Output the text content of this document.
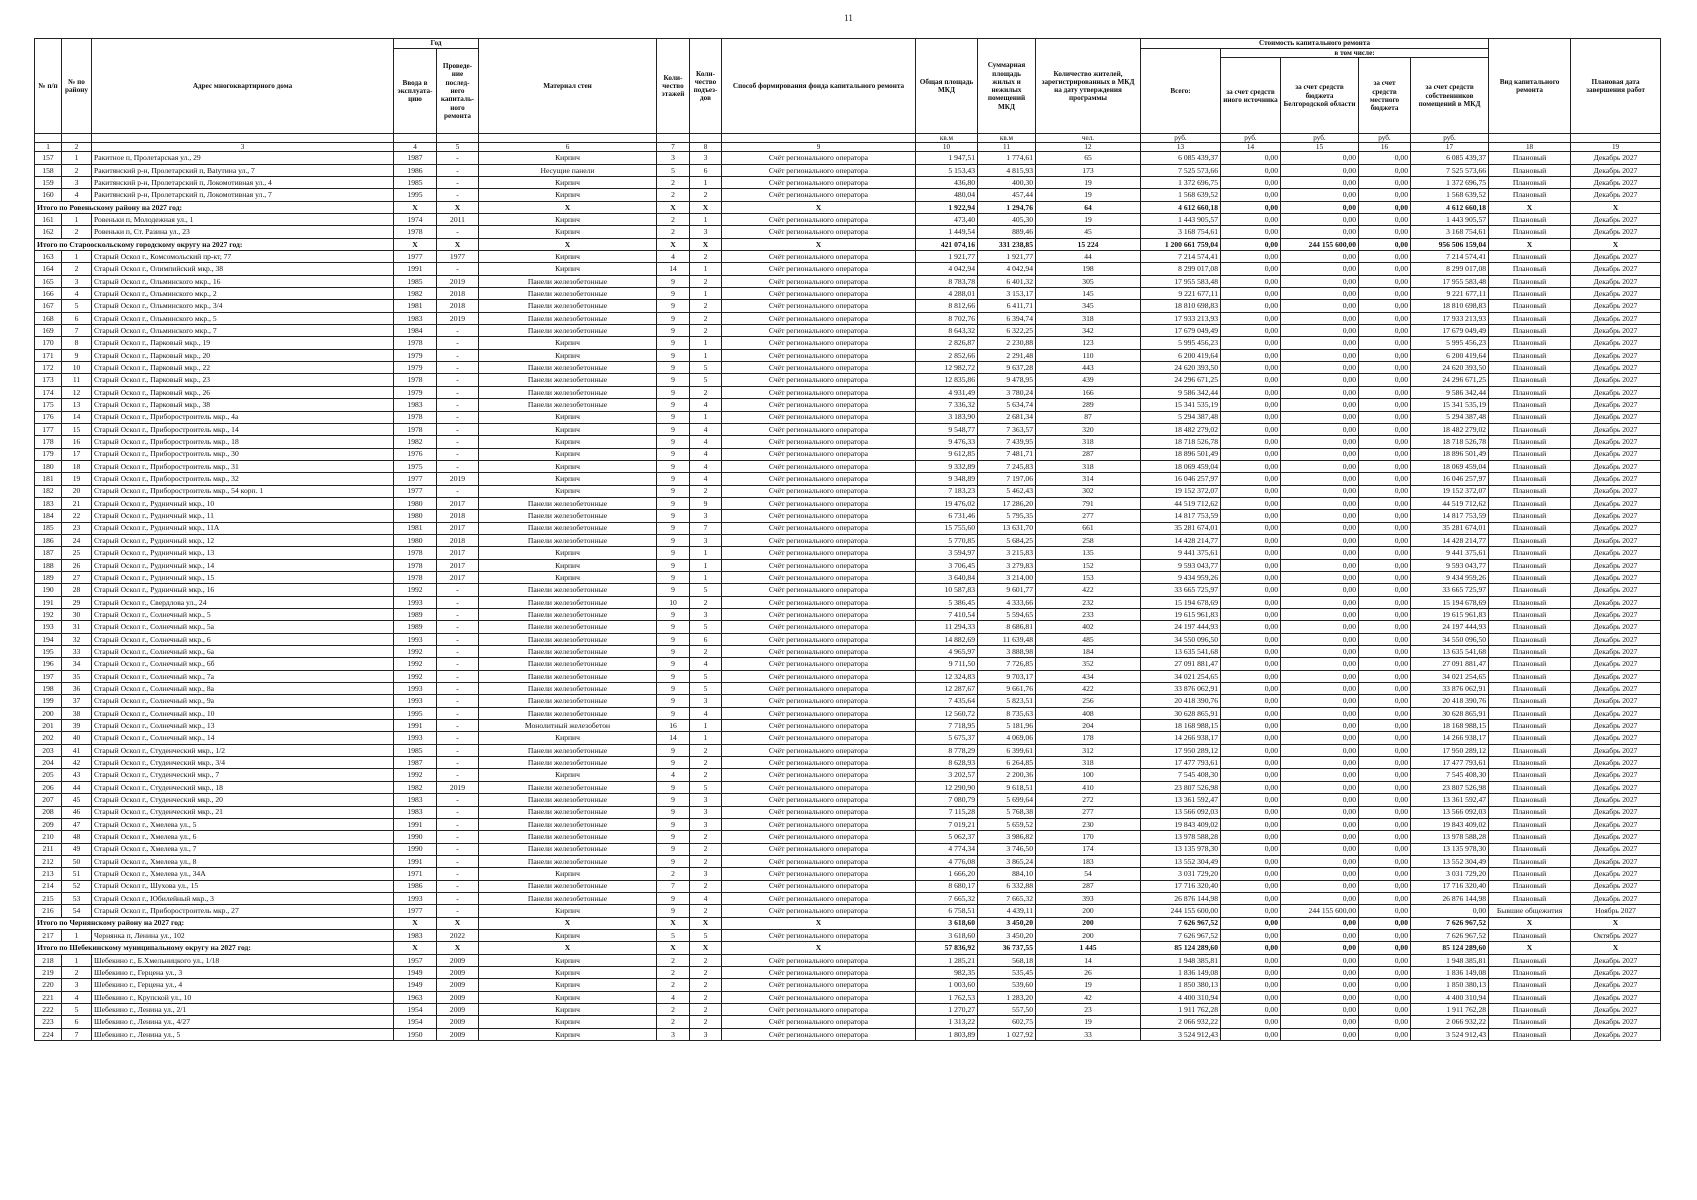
11
№ п/п	№ по району	Адрес многоквартирного дома	Год		Материал стен	Коли-чество этажей	Коли-чество подъез-дов	Способ формирования фонда капитального ремонта	Общая площадь МКД	Суммарная площадь жилых и нежилых помещений МКД	Количество жителей, зарегистрированных в МКД на дату утверждения программы	Стоимость капитального ремонта					Вид капитального ремонта	Плановая дата завершения работ
			Ввода в эксплуата-цию	Проведе-ние послед-него капиталь-ного ремонта								Всего:	в том числе:					
													за счет средств иного источника	за счет средств бюджета Белгородской области	за счет средств местного бюджета	за счет средств собственников помещений в МКД		
									кв.м	кв.м	чел.	руб.	руб.	руб.	руб.	руб.		
1	2	3	4	5	6	7	8	9	10	11	12	13	14	15	16	17	18	19
157	1	Ракитное п, Пролетарская ул., 29	1987	-	Кирпич	3	3	Счёт регионального оператора	1 947,51	1 774,61	65	6 085 439,37	0,00	0,00	0,00	6 085 439,37	Плановый	Декабрь 2027
158	2	Ракитянский р-н, Пролетарский п, Вatутина ул., 7	1986	-	Несущие панели	5	6	Счёт регионального оператора	5 153,43	4 815,93	173	7 525 573,66	0,00	0,00	0,00	7 525 573,66	Плановый	Декабрь 2027
159	3	Ракитянский р-н, Пролетарский п, Локомотивная ул., 4	1985	-	Кирпич	2	1	Счёт регионального оператора	436,80	400,30	19	1 372 696,75	0,00	0,00	0,00	1 372 696,75	Плановый	Декабрь 2027
160	4	Ракитянский р-н, Пролетарский п, Локомотивная ул., 7	1995	-	Кирпич	2	2	Счёт регионального оператора	480,04	457,44	19	1 568 639,52	0,00	0,00	0,00	1 568 639,52	Плановый	Декабрь 2027
Итого по Ровеньскому району на 2027 год:			X	X	X	X	X	X	1 922,94	1 294,76	64	4 612 660,18	0,00	0,00	0,00	4 612 660,18	X	X
161	1	Ровеньки п, Молодежная ул., 1	1974	2011	Кирпич	2	1	Счёт регионального оператора	473,40	405,30	19	1 443 905,57	0,00	0,00	0,00	1 443 905,57	Плановый	Декабрь 2027
162	2	Ровеньки п, Ст. Разина ул., 23	1978	-	Кирпич	2	3	Счёт регионального оператора	1 449,54	889,46	45	3 168 754,61	0,00	0,00	0,00	3 168 754,61	Плановый	Декабрь 2027
Итого по Старооскольскому городскому округу на 2027 год:			X	X	X	X	X	X	421 074,16	331 238,85	15 224	1 200 661 759,04	0,00	244 155 600,00	0,00	956 506 159,04	X	X
163	1	Старый Оскол г., Комсомольский пр-кт, 77	1977	1977	Кирпич	4	2	Счёт регионального оператора	1 921,77	1 921,77	44	7 214 574,41	0,00	0,00	0,00	7 214 574,41	Плановый	Декабрь 2027
164	2	Старый Оскол г., Олимпийский мкр., 38	1991	-	Кирпич	14	1	Счёт регионального оператора	4 042,94	4 042,94	198	8 299 017,08	0,00	0,00	0,00	8 299 017,08	Плановый	Декабрь 2027
165	3	Старый Оскол г., Ольминского мкр., 16	1985	2019	Панели железобетонные	9	2	Счёт регионального оператора	8 783,78	6 401,32	305	17 955 583,48	0,00	0,00	0,00	17 955 583,48	Плановый	Декабрь 2027
166	4	Старый Оскол г., Ольминского мкр., 2	1982	2018	Панели железобетонные	9	1	Счёт регионального оператора	4 288,01	3 153,17	145	9 221 677,11	0,00	0,00	0,00	9 221 677,11	Плановый	Декабрь 2027
167	5	Старый Оскол г., Ольминского мкр., 3/4	1981	2018	Панели железобетонные	9	2	Счёт регионального оператора	8 812,66	6 411,71	345	18 810 698,83	0,00	0,00	0,00	18 810 698,83	Плановый	Декабрь 2027
168	6	Старый Оскол г., Ольминского мкр., 5	1983	2019	Панели железобетонные	9	2	Счёт регионального оператора	8 702,76	6 394,74	318	17 933 213,93	0,00	0,00	0,00	17 933 213,93	Плановый	Декабрь 2027
169	7	Старый Оскол г., Ольминского мкр., 7	1984	-	Панели железобетонные	9	2	Счёт регионального оператора	8 643,32	6 322,25	342	17 679 049,49	0,00	0,00	0,00	17 679 049,49	Плановый	Декабрь 2027
170	8	Старый Оскол г., Парковый мкр., 19	1978	-	Кирпич	9	1	Счёт регионального оператора	2 826,87	2 230,88	123	5 995 456,23	0,00	0,00	0,00	5 995 456,23	Плановый	Декабрь 2027
171	9	Старый Оскол г., Парковый мкр., 20	1979	-	Кирпич	9	1	Счёт регионального оператора	2 852,66	2 291,48	110	6 200 419,64	0,00	0,00	0,00	6 200 419,64	Плановый	Декабрь 2027
172	10	Старый Оскол г., Парковый мкр., 22	1979	-	Панели железобетонные	9	5	Счёт регионального оператора	12 982,72	9 637,28	443	24 620 393,50	0,00	0,00	0,00	24 620 393,50	Плановый	Декабрь 2027
173	11	Старый Оскол г., Парковый мкр., 23	1978	-	Панели железобетонные	9	5	Счёт регионального оператора	12 835,86	9 478,95	439	24 296 671,25	0,00	0,00	0,00	24 296 671,25	Плановый	Декабрь 2027
174	12	Старый Оскол г., Парковый мкр., 26	1979	-	Панели железобетонные	9	2	Счёт регионального оператора	4 931,49	3 780,24	166	9 586 342,44	0,00	0,00	0,00	9 586 342,44	Плановый	Декабрь 2027
175	13	Старый Оскол г., Парковый мкр., 38	1983	-	Панели железобетонные	9	4	Счёт регионального оператора	7 336,32	5 634,74	289	15 341 535,19	0,00	0,00	0,00	15 341 535,19	Плановый	Декабрь 2027
176	14	Старый Оскол г., Приборостроитель мкр., 4а	1978	-	Кирпич	9	1	Счёт регионального оператора	3 183,90	2 681,34	87	5 294 387,48	0,00	0,00	0,00	5 294 387,48	Плановый	Декабрь 2027
177	15	Старый Оскол г., Приборостроитель мкр., 14	1978	-	Кирпич	9	4	Счёт регионального оператора	9 548,77	7 363,57	320	18 482 279,02	0,00	0,00	0,00	18 482 279,02	Плановый	Декабрь 2027
178	16	Старый Оскол г., Приборостроитель мкр., 18	1982	-	Кирпич	9	4	Счёт регионального оператора	9 476,33	7 439,95	318	18 718 526,78	0,00	0,00	0,00	18 718 526,78	Плановый	Декабрь 2027
179	17	Старый Оскол г., Приборостроитель мкр., 30	1976	-	Кирпич	9	4	Счёт регионального оператора	9 612,85	7 481,71	287	18 896 501,49	0,00	0,00	0,00	18 896 501,49	Плановый	Декабрь 2027
180	18	Старый Оскол г., Приборостроитель мкр., 31	1975	-	Кирпич	9	4	Счёт регионального оператора	9 332,89	7 245,83	318	18 069 459,04	0,00	0,00	0,00	18 069 459,04	Плановый	Декабрь 2027
181	19	Старый Оскол г., Приборостроитель мкр., 32	1977	2019	Кирпич	9	4	Счёт регионального оператора	9 348,89	7 197,06	314	16 046 257,97	0,00	0,00	0,00	16 046 257,97	Плановый	Декабрь 2027
182	20	Старый Оскол г., Приборостроитель мкр., 54 корп. 1	1977	-	Кирпич	9	2	Счёт регионального оператора	7 183,23	5 462,43	302	19 152 372,07	0,00	0,00	0,00	19 152 372,07	Плановый	Декабрь 2027
183	21	Старый Оскол г., Рудничный мкр., 10	1980	2017	Панели железобетонные	9	9	Счёт регионального оператора	19 476,02	17 286,20	791	44 519 712,62	0,00	0,00	0,00	44 519 712,62	Плановый	Декабрь 2027
184	22	Старый Оскол г., Рудничный мкр., 11	1980	2018	Панели железобетонные	9	3	Счёт регионального оператора	6 731,46	5 795,35	277	14 817 753,59	0,00	0,00	0,00	14 817 753,59	Плановый	Декабрь 2027
185	23	Старый Оскол г., Рудничный мкр., 11А	1981	2017	Панели железобетонные	9	7	Счёт регионального оператора	15 755,60	13 631,70	661	35 281 674,01	0,00	0,00	0,00	35 281 674,01	Плановый	Декабрь 2027
186	24	Старый Оскол г., Рудничный мкр., 12	1980	2018	Панели железобетонные	9	3	Счёт регионального оператора	5 770,85	5 684,25	258	14 428 214,77	0,00	0,00	0,00	14 428 214,77	Плановый	Декабрь 2027
187	25	Старый Оскол г., Рудничный мкр., 13	1978	2017	Кирпич	9	1	Счёт регионального оператора	3 594,97	3 215,83	135	9 441 375,61	0,00	0,00	0,00	9 441 375,61	Плановый	Декабрь 2027
188	26	Старый Оскол г., Рудничный мкр., 14	1978	2017	Кирпич	9	1	Счёт регионального оператора	3 706,45	3 279,83	152	9 593 043,77	0,00	0,00	0,00	9 593 043,77	Плановый	Декабрь 2027
189	27	Старый Оскол г., Рудничный мкр., 15	1978	2017	Кирпич	9	1	Счёт регионального оператора	3 640,84	3 214,00	153	9 434 959,26	0,00	0,00	0,00	9 434 959,26	Плановый	Декабрь 2027
190	28	Старый Оскол г., Рудничный мкр., 16	1992	-	Панели железобетонные	9	5	Счёт регионального оператора	10 587,83	9 601,77	422	33 665 725,97	0,00	0,00	0,00	33 665 725,97	Плановый	Декабрь 2027
191	29	Старый Оскол г., Свердлова ул., 24	1993	-	Панели железобетонные	10	2	Счёт регионального оператора	5 386,45	4 333,66	232	15 194 678,69	0,00	0,00	0,00	15 194 678,69	Плановый	Декабрь 2027
192	30	Старый Оскол г., Солнечный мкр., 5	1989	-	Панели железобетонные	9	3	Счёт регионального оператора	7 410,54	5 594,65	233	19 615 961,83	0,00	0,00	0,00	19 615 961,83	Плановый	Декабрь 2027
193	31	Старый Оскол г., Солнечный мкр., 5а	1989	-	Панели железобетонные	9	5	Счёт регионального оператора	11 294,33	8 686,81	402	24 197 444,93	0,00	0,00	0,00	24 197 444,93	Плановый	Декабрь 2027
194	32	Старый Оскол г., Солнечный мкр., 6	1993	-	Панели железобетонные	9	6	Счёт регионального оператора	14 882,69	11 639,48	485	34 550 096,50	0,00	0,00	0,00	34 550 096,50	Плановый	Декабрь 2027
195	33	Старый Оскол г., Солнечный мкр., 6а	1992	-	Панели железобетонные	9	2	Счёт регионального оператора	4 965,97	3 888,98	184	13 635 541,68	0,00	0,00	0,00	13 635 541,68	Плановый	Декабрь 2027
196	34	Старый Оскол г., Солнечный мкр., 6б	1992	-	Панели железобетонные	9	4	Счёт регионального оператора	9 711,50	7 726,85	352	27 091 881,47	0,00	0,00	0,00	27 091 881,47	Плановый	Декабрь 2027
197	35	Старый Оскол г., Солнечный мкр., 7а	1992	-	Панели железобетонные	9	5	Счёт регионального оператора	12 324,83	9 703,17	434	34 021 254,65	0,00	0,00	0,00	34 021 254,65	Плановый	Декабрь 2027
198	36	Старый Оскол г., Солнечный мкр., 8а	1993	-	Панели железобетонные	9	5	Счёт регионального оператора	12 287,67	9 661,76	422	33 876 062,91	0,00	0,00	0,00	33 876 062,91	Плановый	Декабрь 2027
199	37	Старый Оскол г., Солнечный мкр., 9а	1993	-	Панели железобетонные	9	3	Счёт регионального оператора	7 435,64	5 823,51	256	20 418 390,76	0,00	0,00	0,00	20 418 390,76	Плановый	Декабрь 2027
200	38	Старый Оскол г., Солнечный мкр., 10	1995	-	Панели железобетонные	9	4	Счёт регионального оператора	12 560,72	8 735,63	408	30 628 865,91	0,00	0,00	0,00	30 628 865,91	Плановый	Декабрь 2027
201	39	Старый Оскол г., Солнечный мкр., 13	1991	-	Монолитный железобетон	16	1	Счёт регионального оператора	7 718,95	5 181,96	204	18 168 988,15	0,00	0,00	0,00	18 168 988,15	Плановый	Декабрь 2027
202	40	Старый Оскол г., Солнечный мкр., 14	1993	-	Кирпич	14	1	Счёт регионального оператора	5 675,37	4 069,06	178	14 266 938,17	0,00	0,00	0,00	14 266 938,17	Плановый	Декабрь 2027
203	41	Старый Оскол г., Студенческий мкр., 1/2	1985	-	Панели железобетонные	9	2	Счёт регионального оператора	8 778,29	6 399,61	312	17 950 289,12	0,00	0,00	0,00	17 950 289,12	Плановый	Декабрь 2027
204	42	Старый Оскол г., Студенческий мкр., 3/4	1987	-	Панели железобетонные	9	2	Счёт регионального оператора	8 628,93	6 264,85	318	17 477 793,61	0,00	0,00	0,00	17 477 793,61	Плановый	Декабрь 2027
205	43	Старый Оскол г., Студенческий мкр., 7	1992	-	Кирпич	4	2	Счёт регионального оператора	3 202,57	2 200,36	100	7 545 408,30	0,00	0,00	0,00	7 545 408,30	Плановый	Декабрь 2027
206	44	Старый Оскол г., Студенческий мкр., 18	1982	2019	Панели железобетонные	9	5	Счёт регионального оператора	12 290,90	9 618,51	410	23 807 526,98	0,00	0,00	0,00	23 807 526,98	Плановый	Декабрь 2027
207	45	Старый Оскол г., Студенческий мкр., 20	1983	-	Панели железобетонные	9	3	Счёт регионального оператора	7 080,79	5 699,64	272	13 361 592,47	0,00	0,00	0,00	13 361 592,47	Плановый	Декабрь 2027
208	46	Старый Оскол г., Студенческий мкр., 21	1983	-	Панели железобетонные	9	3	Счёт регионального оператора	7 115,28	5 768,38	277	13 566 092,03	0,00	0,00	0,00	13 566 092,03	Плановый	Декабрь 2027
209	47	Старый Оскол г., Хмелева ул., 5	1991	-	Панели железобетонные	9	3	Счёт регионального оператора	7 019,21	5 659,52	230	19 843 409,02	0,00	0,00	0,00	19 843 409,02	Плановый	Декабрь 2027
210	48	Старый Оскол г., Хмелева ул., 6	1990	-	Панели железобетонные	9	2	Счёт регионального оператора	5 062,37	3 986,82	170	13 978 588,28	0,00	0,00	0,00	13 978 588,28	Плановый	Декабрь 2027
211	49	Старый Оскол г., Хмелева ул., 7	1990	-	Панели железобетонные	9	2	Счёт регионального оператора	4 774,34	3 746,50	174	13 135 978,30	0,00	0,00	0,00	13 135 978,30	Плановый	Декабрь 2027
212	50	Старый Оскол г., Хмелева ул., 8	1991	-	Панели железобетонные	9	2	Счёт регионального оператора	4 776,08	3 865,24	183	13 552 304,49	0,00	0,00	0,00	13 552 304,49	Плановый	Декабрь 2027
213	51	Старый Оскол г., Хмелева ул., 34А	1971	-	Кирпич	2	3	Счёт регионального оператора	1 666,20	884,10	54	3 031 729,20	0,00	0,00	0,00	3 031 729,20	Плановый	Декабрь 2027
214	52	Старый Оскол г., Шухова ул., 15	1986	-	Панели железобетонные	7	2	Счёт регионального оператора	8 680,17	6 332,88	287	17 716 320,40	0,00	0,00	0,00	17 716 320,40	Плановый	Декабрь 2027
215	53	Старый Оскол г., Юбилейный мкр., 3	1993	-	Панели железобетонные	9	4	Счёт регионального оператора	7 665,32	7 665,32	393	26 876 144,98	0,00	0,00	0,00	26 876 144,98	Плановый	Декабрь 2027
216	54	Старый Оскол г., Приборостроитель мкр., 27	1977	-	Кирпич	9	2	Счёт регионального оператора	6 758,51	4 439,11	200	244 155 600,00	0,00	244 155 600,00	0,00	0,00	Бывшие общежития	Ноябрь 2027
Итого по Чернянскому району на 2027 год:			X	X	X	X	X	X	3 618,60	3 450,20	200	7 626 967,52	0,00	0,00	0,00	7 626 967,52	X	X
217	1	Чернянка п, Ленина ул., 102	1983	2022	Кирпич	5	5	Счёт регионального оператора	3 618,60	3 450,20	200	7 626 967,52	0,00	0,00	0,00	7 626 967,52	Плановый	Октябрь 2027
Итого по Шебекинскому муниципальному округу на 2027 год:			X	X	X	X	X	X	57 836,92	36 737,55	1 445	85 124 289,60	0,00	0,00	0,00	85 124 289,60	X	X
218	1	Шебекино г., Б.Хмельницкого ул., 1/18	1957	2009	Кирпич	2	2	Счёт регионального оператора	1 285,21	568,18	14	1 948 385,81	0,00	0,00	0,00	1 948 385,81	Плановый	Декабрь 2027
219	2	Шебекино г., Герцена ул., 3	1949	2009	Кирпич	2	2	Счёт регионального оператора	982,35	535,45	26	1 836 149,08	0,00	0,00	0,00	1 836 149,08	Плановый	Декабрь 2027
220	3	Шебекино г., Герцена ул., 4	1949	2009	Кирпич	2	2	Счёт регионального оператора	1 003,60	539,60	19	1 850 380,13	0,00	0,00	0,00	1 850 380,13	Плановый	Декабрь 2027
221	4	Шебекино г., Крупской ул., 10	1963	2009	Кирпич	4	2	Счёт регионального оператора	1 762,53	1 283,20	42	4 400 310,94	0,00	0,00	0,00	4 400 310,94	Плановый	Декабрь 2027
222	5	Шебекино г., Ленина ул., 2/1	1954	2009	Кирпич	2	2	Счёт регионального оператора	1 270,27	557,50	23	1 911 762,28	0,00	0,00	0,00	1 911 762,28	Плановый	Декабрь 2027
223	6	Шебекино г., Ленина ул., 4/27	1954	2009	Кирпич	2	2	Счёт регионального оператора	1 313,22	602,75	19	2 066 932,22	0,00	0,00	0,00	2 066 932,22	Плановый	Декабрь 2027
224	7	Шебекино г., Ленина ул., 5	1950	2009	Кирпич	3	3	Счёт регионального оператора	1 803,89	1 027,92	33	3 524 912,43	0,00	0,00	0,00	3 524 912,43	Плановый	Декабрь 2027
